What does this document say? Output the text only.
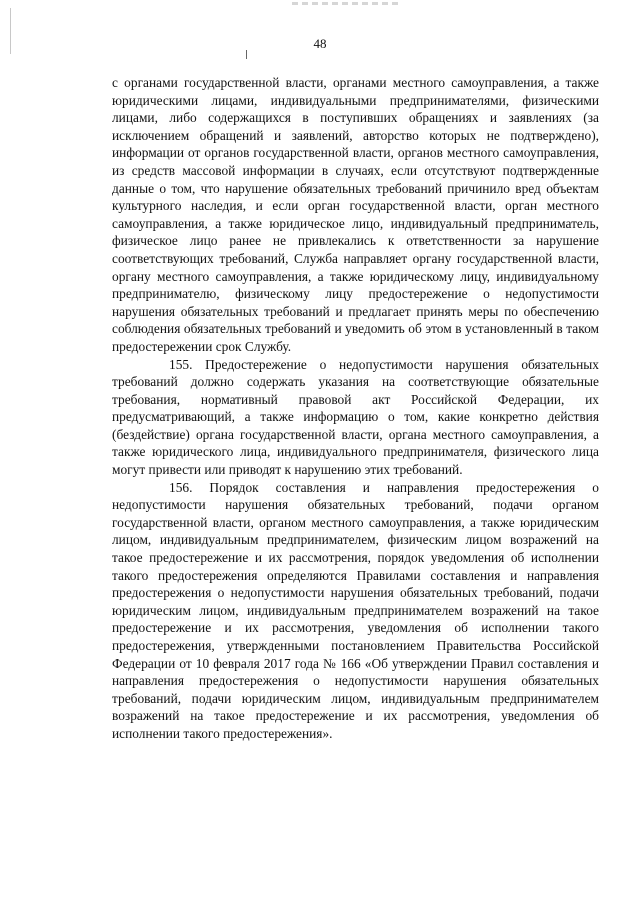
48

с органами государственной власти, органами местного самоуправления, а также юридическими лицами, индивидуальными предпринимателями, физическими лицами, либо содержащихся в поступивших обращениях и заявлениях (за исключением обращений и заявлений, авторство которых не подтверждено), информации от органов государственной власти, органов местного самоуправления, из средств массовой информации в случаях, если отсутствуют подтвержденные данные о том, что нарушение обязательных требований причинило вред объектам культурного наследия, и если орган государственной власти, орган местного самоуправления, а также юридическое лицо, индивидуальный предприниматель, физическое лицо ранее не привлекались к ответственности за нарушение соответствующих требований, Служба направляет органу государственной власти, органу местного самоуправления, а также юридическому лицу, индивидуальному предпринимателю, физическому лицу предостережение о недопустимости нарушения обязательных требований и предлагает принять меры по обеспечению соблюдения обязательных требований и уведомить об этом в установленный в таком предостережении срок Службу.

155. Предостережение о недопустимости нарушения обязательных требований должно содержать указания на соответствующие обязательные требования, нормативный правовой акт Российской Федерации, их предусматривающий, а также информацию о том, какие конкретно действия (бездействие) органа государственной власти, органа местного самоуправления, а также юридического лица, индивидуального предпринимателя, физического лица могут привести или приводят к нарушению этих требований.

156. Порядок составления и направления предостережения о недопустимости нарушения обязательных требований, подачи органом государственной власти, органом местного самоуправления, а также юридическим лицом, индивидуальным предпринимателем, физическим лицом возражений на такое предостережение и их рассмотрения, порядок уведомления об исполнении такого предостережения определяются Правилами составления и направления предостережения о недопустимости нарушения обязательных требований, подачи юридическим лицом, индивидуальным предпринимателем возражений на такое предостережение и их рассмотрения, уведомления об исполнении такого предостережения, утвержденными постановлением Правительства Российской Федерации от 10 февраля 2017 года № 166 «Об утверждении Правил составления и направления предостережения о недопустимости нарушения обязательных требований, подачи юридическим лицом, индивидуальным предпринимателем возражений на такое предостережение и их рассмотрения, уведомления об исполнении такого предостережения».
